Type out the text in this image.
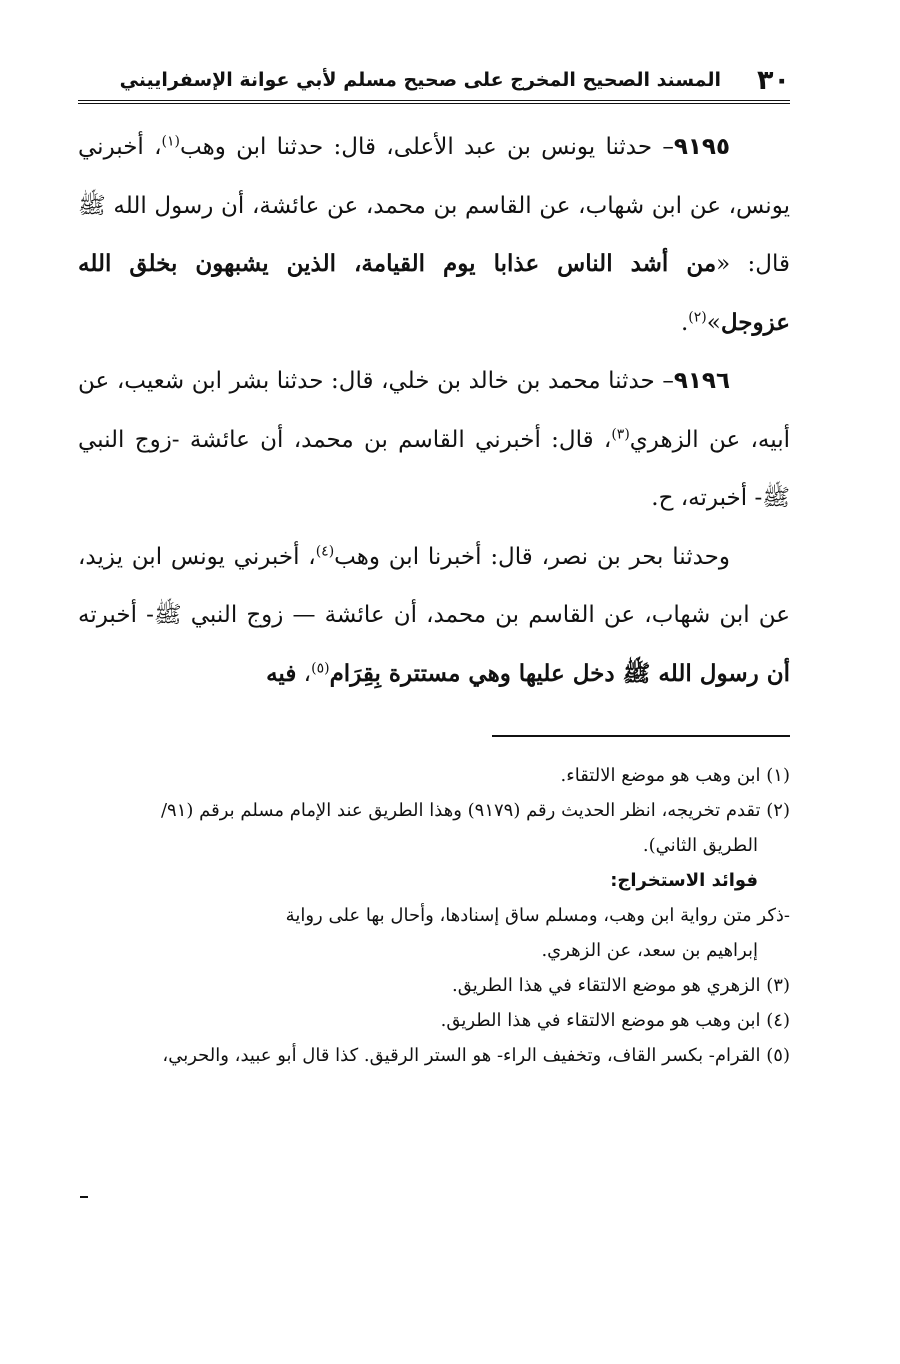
٣٠
المسند الصحيح المخرج على صحيح مسلم لأبي عوانة الإسفراييني

٩١٩٥– حدثنا يونس بن عبد الأعلى، قال: حدثنا ابن وهب$^{(١)}$، أخبرني يونس، عن ابن شهاب، عن القاسم بن محمد، عن عائشة، أن رسول الله ﷺ قال: «من أشد الناس عذابا يوم القيامة، الذين يشبهون بخلق الله عزوجل»$^{(٢)}$.

٩١٩٦– حدثنا محمد بن خالد بن خلي، قال: حدثنا بشر ابن شعيب، عن أبيه، عن الزهري$^{(٣)}$، قال: أخبرني القاسم بن محمد، أن عائشة -زوج النبي ﷺ- أخبرته، ح.

وحدثنا بحر بن نصر، قال: أخبرنا ابن وهب$^{(٤)}$، أخبرني يونس ابن يزيد، عن ابن شهاب، عن القاسم بن محمد، أن عائشة — زوج النبي ﷺ- أخبرته أن رسول الله ﷺ دخل عليها وهي مستترة بِقِرَام$^{(٥)}$، فيه

(١) ابن وهب هو موضع الالتقاء.

(٢) تقدم تخريجه، انظر الحديث رقم (٩١٧٩) وهذا الطريق عند الإمام مسلم برقم (٩١/

الطريق الثاني).

فوائد الاستخراج:

-ذكر متن رواية ابن وهب، ومسلم ساق إسنادها، وأحال بها على رواية

إبراهيم بن سعد، عن الزهري.

(٣) الزهري هو موضع الالتقاء في هذا الطريق.

(٤) ابن وهب هو موضع الالتقاء في هذا الطريق.

(٥) القرام- بكسر القاف، وتخفيف الراء- هو الستر الرقيق. كذا قال أبو عبيد، والحربي،
